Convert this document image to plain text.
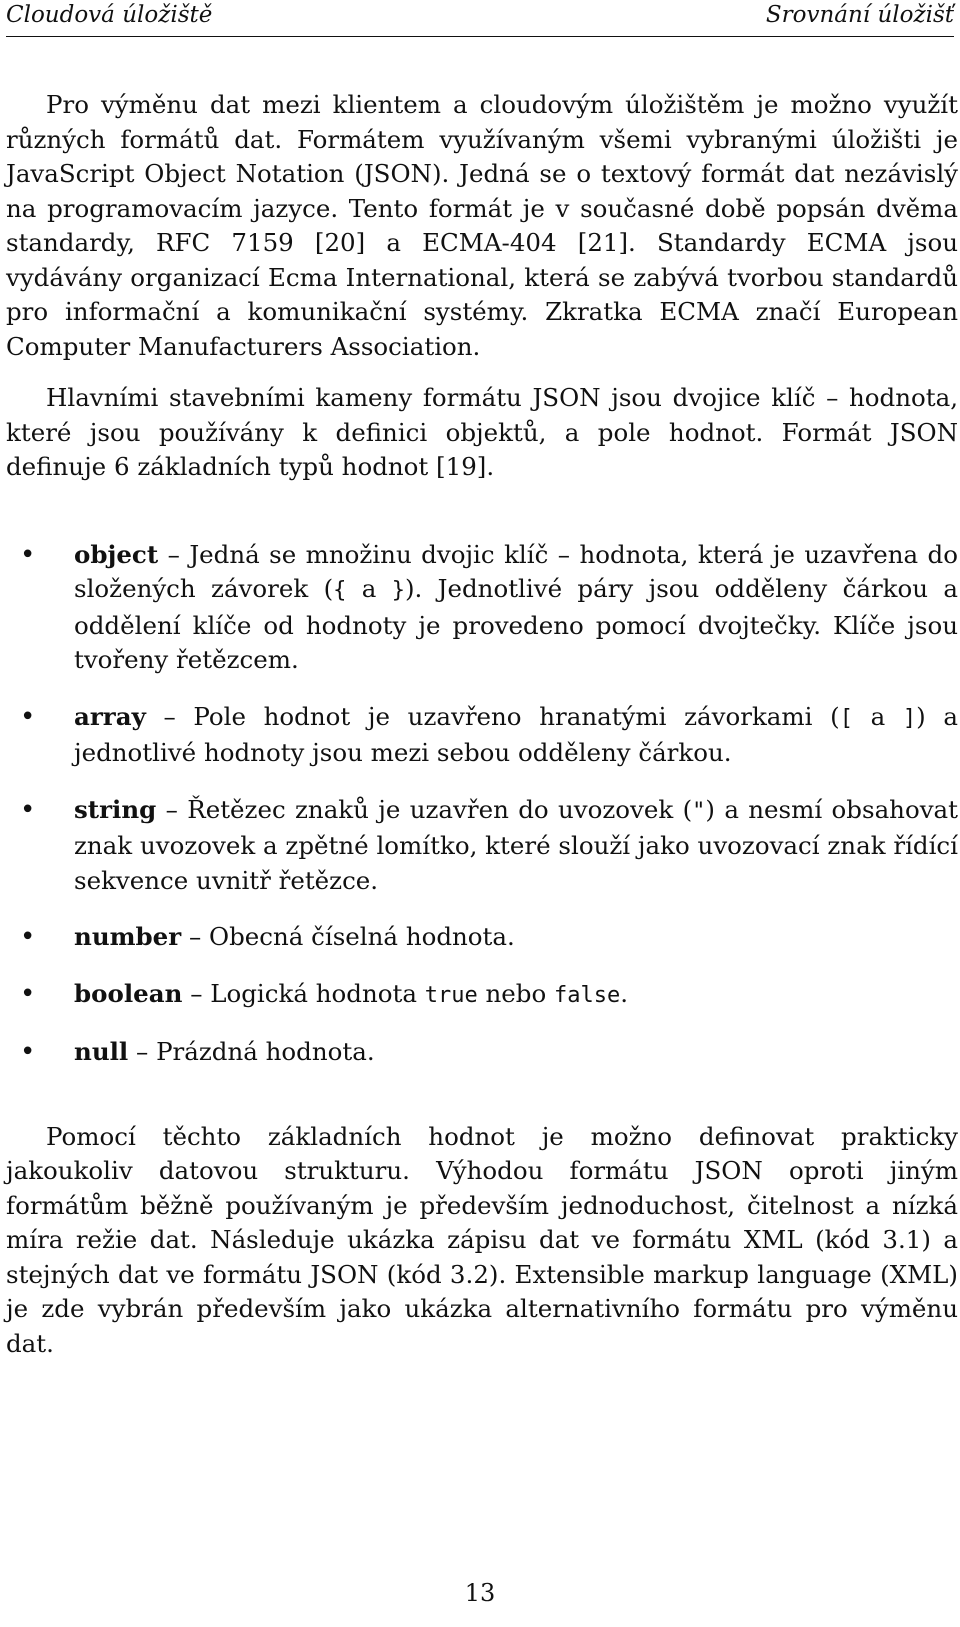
Cloudová úložiště	Srovnání úložišť

Pro výměnu dat mezi klientem a cloudovým úložištěm je možno využít různých formátů dat. Formátem využívaným všemi vybranými úložišti je JavaScript Object Notation (JSON). Jedná se o textový formát dat nezávislý na programovacím jazyce. Tento formát je v současné době popsán dvěma standardy, RFC 7159 [20] a ECMA-404 [21]. Standardy ECMA jsou vydávány organizací Ecma International, která se zabývá tvorbou standardů pro informační a komunikační systémy. Zkratka ECMA značí European Computer Manufacturers Association.

Hlavními stavebními kameny formátu JSON jsou dvojice klíč – hodnota, které jsou používány k definici objektů, a pole hodnot. Formát JSON definuje 6 základních typů hodnot [19].

• object – Jedná se množinu dvojic klíč – hodnota, která je uzavřena do složených závorek ({ a }). Jednotlivé páry jsou odděleny čárkou a oddělení klíče od hodnoty je provedeno pomocí dvojtečky. Klíče jsou tvořeny řetězcem.
• array – Pole hodnot je uzavřeno hranatými závorkami ([ a ]) a jednotlivé hodnoty jsou mezi sebou odděleny čárkou.
• string – Řetězec znaků je uzavřen do uvozovek (") a nesmí obsahovat znak uvozovek a zpětné lomítko, které slouží jako uvozovací znak řídící sekvence uvnitř řetězce.
• number – Obecná číselná hodnota.
• boolean – Logická hodnota true nebo false.
• null – Prázdná hodnota.

Pomocí těchto základních hodnot je možno definovat prakticky jakoukoliv datovou strukturu. Výhodou formátu JSON oproti jiným formátům běžně používaným je především jednoduchost, čitelnost a nízká míra režie dat. Následuje ukázka zápisu dat ve formátu XML (kód 3.1) a stejných dat ve formátu JSON (kód 3.2). Extensible markup language (XML) je zde vybrán především jako ukázka alternativního formátu pro výměnu dat.

13
